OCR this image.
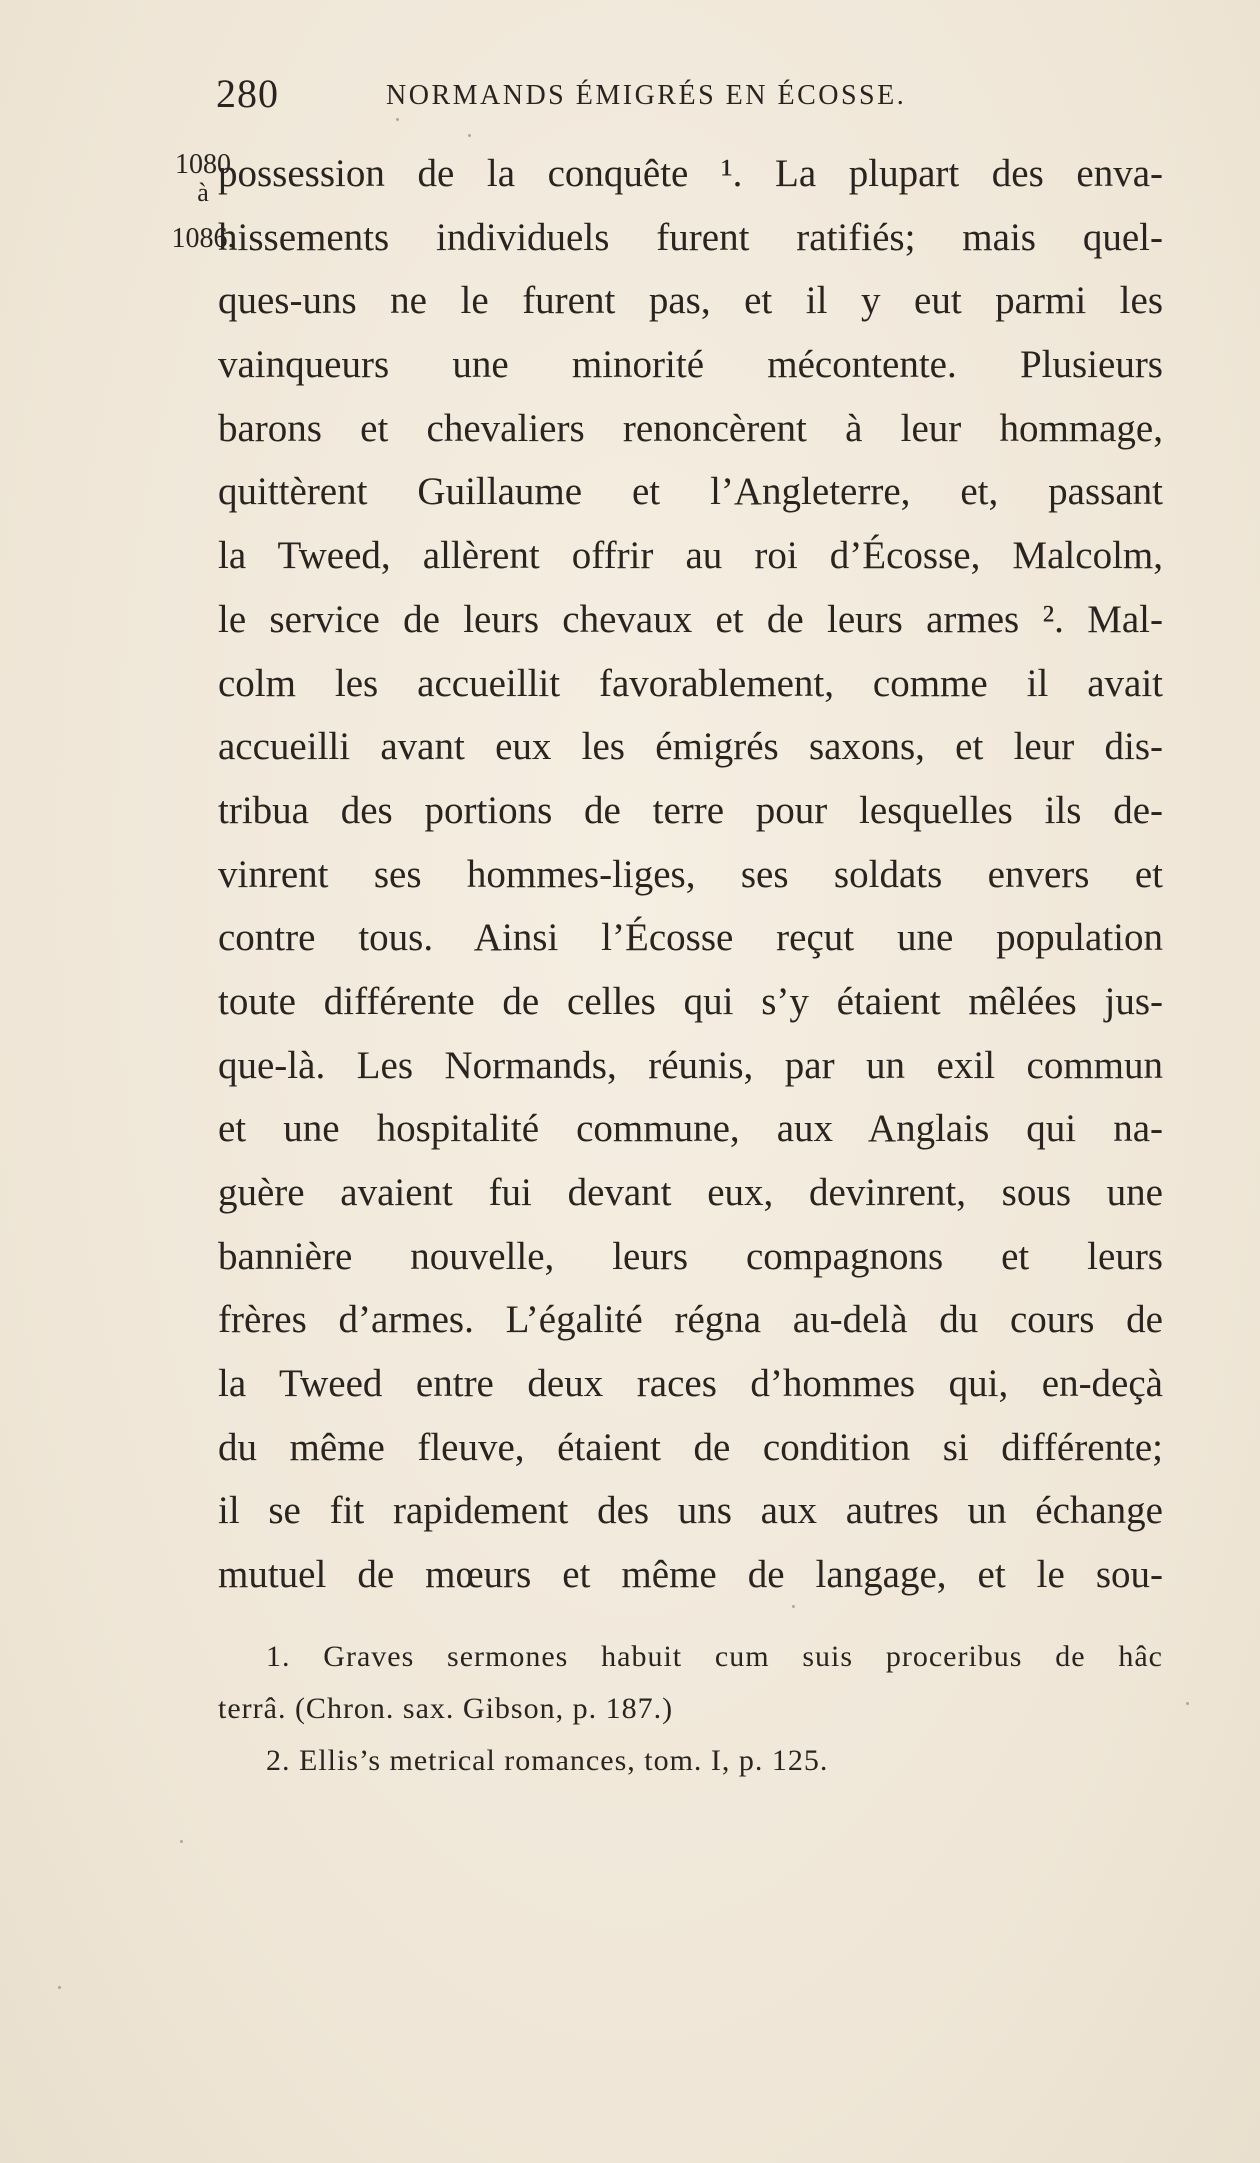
280	NORMANDS ÉMIGRÉS EN ÉCOSSE.
1080
à
1086.
possession de la conquête ¹. La plupart des enva-
hissements individuels furent ratifiés; mais quel-
ques-uns ne le furent pas, et il y eut parmi les
vainqueurs une minorité mécontente. Plusieurs
barons et chevaliers renoncèrent à leur hommage,
quittèrent Guillaume et l’Angleterre, et, passant
la Tweed, allèrent offrir au roi d’Écosse, Malcolm,
le service de leurs chevaux et de leurs armes ². Mal-
colm les accueillit favorablement, comme il avait
accueilli avant eux les émigrés saxons, et leur dis-
tribua des portions de terre pour lesquelles ils de-
vinrent ses hommes-liges, ses soldats envers et
contre tous. Ainsi l’Écosse reçut une population
toute différente de celles qui s’y étaient mêlées jus-
que-là. Les Normands, réunis, par un exil commun
et une hospitalité commune, aux Anglais qui na-
guère avaient fui devant eux, devinrent, sous une
bannière nouvelle, leurs compagnons et leurs
frères d’armes. L’égalité régna au-delà du cours de
la Tweed entre deux races d’hommes qui, en-deçà
du même fleuve, étaient de condition si différente;
il se fit rapidement des uns aux autres un échange
mutuel de mœurs et même de langage, et le sou-
1. Graves sermones habuit cum suis proceribus de hâc
terrâ. (Chron. sax. Gibson, p. 187.)
2. Ellis’s metrical romances, tom. I, p. 125.
